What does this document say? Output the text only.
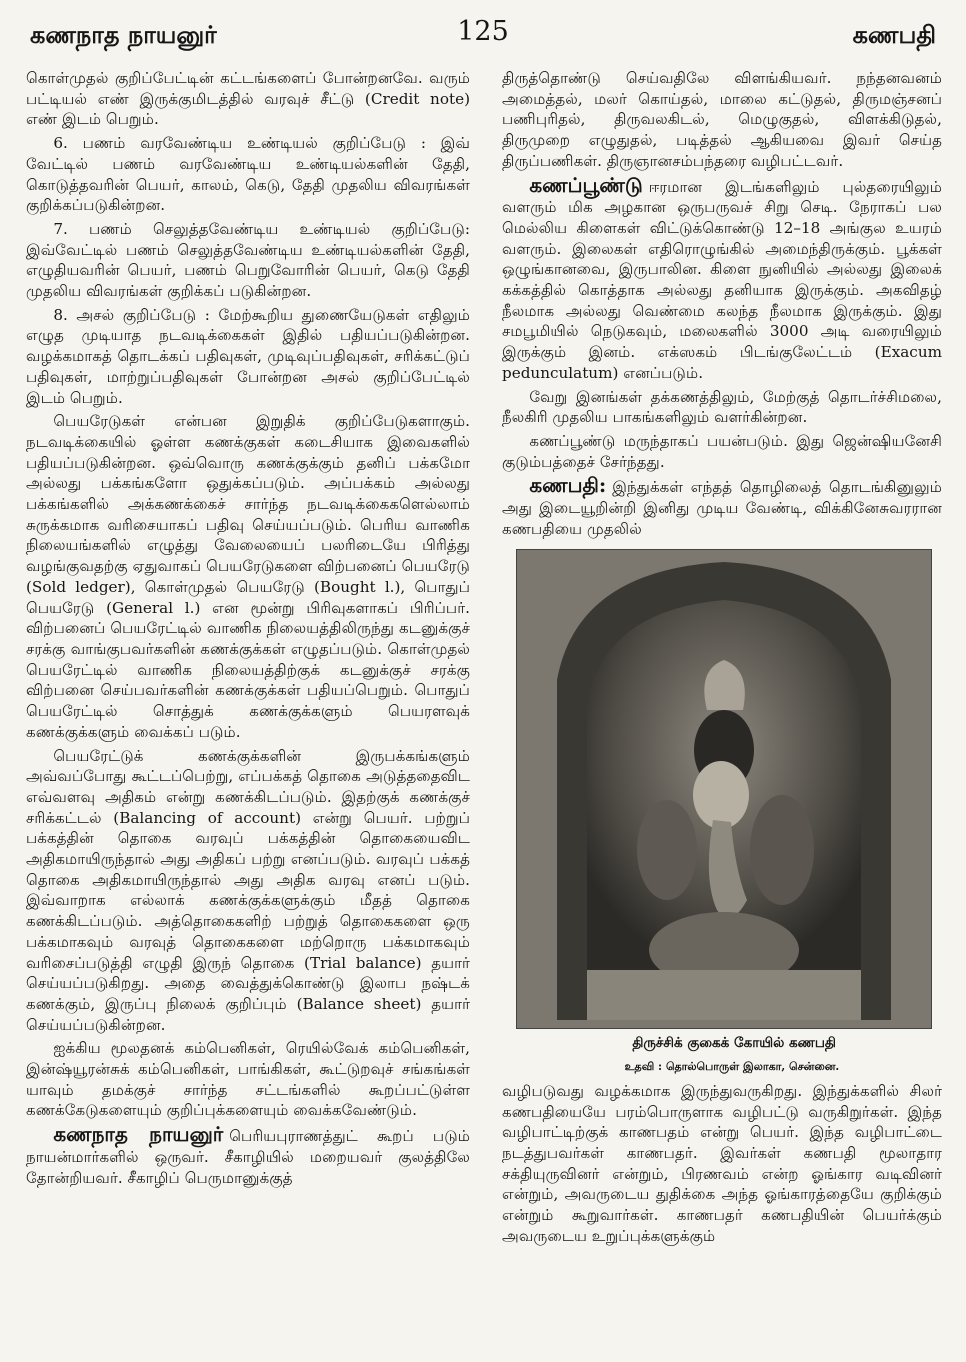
கணநாத நாயனுர்	125	கணபதி

கொள்முதல் குறிப்பேட்டின் கட்டங்களைப் போன்றனவே. வரும் பட்டியல் எண் இருக்குமிடத்தில் வரவுச் சீட்டு (Credit note) எண் இடம் பெறும்.

6. பணம் வரவேண்டிய உண்டியல் குறிப்பேடு : இவ் வேட்டில் பணம் வரவேண்டிய உண்டியல்களின் தேதி, கொடுத்தவரின் பெயர், காலம், கெடு, தேதி முதலிய விவரங்கள் குறிக்கப்படுகின்றன.

7. பணம் செலுத்தவேண்டிய உண்டியல் குறிப்பேடு: இவ்வேட்டில் பணம் செலுத்தவேண்டிய உண்டியல்களின் தேதி, எழுதியவரின் பெயர், பணம் பெறுவோரின் பெயர், கெடு தேதி முதலிய விவரங்கள் குறிக்கப் படுகின்றன.

8. அசல் குறிப்பேடு : மேற்கூறிய துணையேடுகள் எதிலும் எழுத முடியாத நடவடிக்கைகள் இதில் பதியப்படுகின்றன. வழக்கமாகத் தொடக்கப் பதிவுகள், முடிவுப்பதிவுகள், சரிக்கட்டுப் பதிவுகள், மாற்றுப்பதிவுகள் போன்றன அசல் குறிப்பேட்டில் இடம் பெறும்.

பெயரேடுகள் என்பன இறுதிக் குறிப்பேடுகளாகும். நடவடிக்கையில் ஓள்ள கணக்குகள் கடைசியாக இவைகளில் பதியப்படுகின்றன. ஒவ்வொரு கணக்குக்கும் தனிப் பக்கமோ அல்லது பக்கங்களோ ஒதுக்கப்படும். அப்பக்கம் அல்லது பக்கங்களில் அக்கணக்கைச் சார்ந்த நடவடிக்கைகளெல்லாம் சுருக்கமாக வரிசையாகப் பதிவு செய்யப்படும். பெரிய வாணிக நிலையங்களில் எழுத்து வேலையைப் பலரிடையே பிரித்து வழங்குவதற்கு ஏதுவாகப் பெயரேடுகளை விற்பனைப் பெயரேடு (Sold ledger), கொள்முதல் பெயரேடு (Bought l.), பொதுப் பெயரேடு (General l.) என மூன்று பிரிவுகளாகப் பிரிப்பர். விற்பனைப் பெயரேட்டில் வாணிக நிலையத்திலிருந்து கடனுக்குச் சரக்கு வாங்குபவர்களின் கணக்குக்கள் எழுதப்படும். கொள்முதல் பெயரேட்டில் வாணிக நிலையத்திற்குக் கடனுக்குச் சரக்கு விற்பனை செய்பவர்களின் கணக்குக்கள் பதியப்பெறும். பொதுப் பெயரேட்டில் சொத்துக் கணக்குக்களும் பெயரளவுக் கணக்குக்களும் வைக்கப் படும்.

பெயரேட்டுக் கணக்குக்களின் இருபக்கங்களும் அவ்வப்போது கூட்டப்பெற்று, எப்பக்கத் தொகை அடுத்ததைவிட எவ்வளவு அதிகம் என்று கணக்கிடப்படும். இதற்குக் கணக்குச் சரிக்கட்டல் (Balancing of account) என்று பெயர். பற்றுப் பக்கத்தின் தொகை வரவுப் பக்கத்தின் தொகையைவிட அதிகமாயிருந்தால் அது அதிகப் பற்று எனப்படும். வரவுப் பக்கத் தொகை அதிகமாயிருந்தால் அது அதிக வரவு எனப் படும். இவ்வாறாக எல்லாக் கணக்குக்களுக்கும் மீதத் தொகை கணக்கிடப்படும். அத்தொகைகளிற் பற்றுத் தொகைகளை ஒரு பக்கமாகவும் வரவுத் தொகைகளை மற்றொரு பக்கமாகவும் வரிசைப்படுத்தி எழுதி இருந் தொகை (Trial balance) தயார் செய்யப்படுகிறது. அதை வைத்துக்கொண்டு இலாப நஷ்டக் கணக்கும், இருப்பு நிலைக் குறிப்பும் (Balance sheet) தயார் செய்யப்படுகின்றன.

ஐக்கிய மூலதனக் கம்பெனிகள், ரெயில்வேக் கம்பெனிகள், இன்ஷ்யூரன்சுக் கம்பெனிகள், பாங்கிகள், கூட்டுறவுச் சங்கங்கள் யாவும் தமக்குச் சார்ந்த சட்டங்களில் கூறப்பட்டுள்ள கணக்கேடுகளையும் குறிப்புக்களையும் வைக்கவேண்டும்.

கணநாத நாயனுர் பெரியபுராணத்துட் கூறப் படும் நாயன்மார்களில் ஒருவர். சீகாழியில் மறையவர் குலத்திலே தோன்றியவர். சீகாழிப் பெருமானுக்குத்

திருத்தொண்டு செய்வதிலே விளங்கியவர். நந்தனவனம் அமைத்தல், மலர் கொய்தல், மாலை கட்டுதல், திருமஞ்சனப் பணிபுரிதல், திருவலகிடல், மெழுகுதல், விளக்கிடுதல், திருமுறை எழுதுதல், படித்தல் ஆகியவை இவர் செய்த திருப்பணிகள். திருஞானசம்பந்தரை வழிபட்டவர்.

கணப்பூண்டு ஈரமான இடங்களிலும் புல்தரையிலும் வளரும் மிக அழகான ஒருபருவச் சிறு செடி. நேராகப் பல மெல்லிய கிளைகள் விட்டுக்கொண்டு 12–18 அங்குல உயரம் வளரும். இலைகள் எதிரொழுங்கில் அமைந்திருக்கும். பூக்கள் ஒழுங்கானவை, இருபாலின. கிளை நுனியில் அல்லது இலைக் கக்கத்தில் கொத்தாக அல்லது தனியாக இருக்கும். அகவிதழ் நீலமாக அல்லது வெண்மை கலந்த நீலமாக இருக்கும். இது சமபூமியில் நெடுகவும், மலைகளில் 3000 அடி வரையிலும் இருக்கும் இனம். எக்ஸகம் பிடங்குலேட்டம் (Exacum pedunculatum) எனப்படும்.

வேறு இனங்கள் தக்கணத்திலும், மேற்குத் தொடர்ச்சிமலை, நீலகிரி முதலிய பாகங்களிலும் வளர்கின்றன.

கணப்பூண்டு மருந்தாகப் பயன்படும். இது ஜென்ஷியனேசி குடும்பத்தைச் சேர்ந்தது.

கணபதி: இந்துக்கள் எந்தத் தொழிலைத் தொடங்கினுலும் அது இடையூறின்றி இனிது முடிய வேண்டி, விக்கினேசுவரரான கணபதியை முதலில்

திருச்சிக் குகைக் கோயில் கணபதி

உதவி : தொல்பொருள் இலாகா, சென்னை.

வழிபடுவது வழக்கமாக இருந்துவருகிறது. இந்துக்களில் சிலர் கணபதியையே பரம்பொருளாக வழிபட்டு வருகிறுர்கள். இந்த வழிபாட்டிற்குக் காணபதம் என்று பெயர். இந்த வழிபாட்டை நடத்துபவர்கள் காணபதர். இவர்கள் கணபதி மூலாதார சக்தியுருவினர் என்றும், பிரணவம் என்ற ஓங்கார வடிவினர் என்றும், அவருடைய துதிக்கை அந்த ஓங்காரத்தையே குறிக்கும் என்றும் கூறுவார்கள். காணபதர் கணபதியின் பெயர்க்கும் அவருடைய உறுப்புக்களுக்கும்
